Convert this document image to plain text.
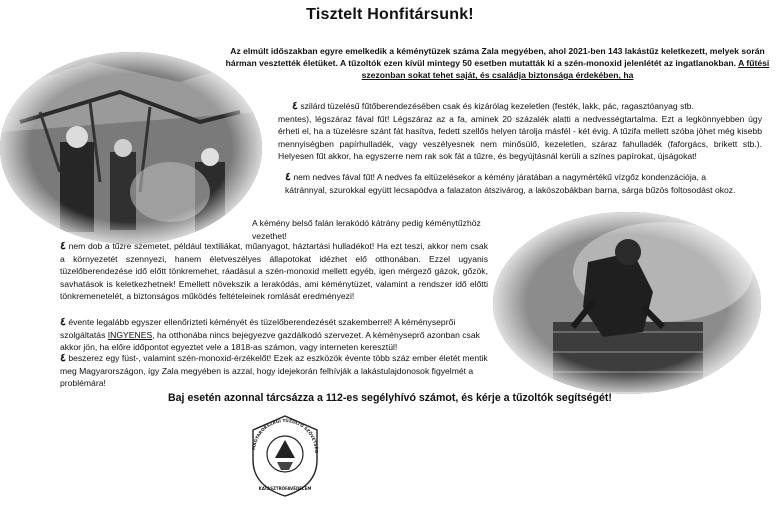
Tisztelt Honfitársunk!
Az elmúlt időszakban egyre emelkedik a kéménytüzek száma Zala megyében, ahol 2021-ben 143 lakástűz keletkezett, melyek során hárman vesztették életüket. A tűzoltók ezen kívül mintegy 50 esetben mutatták ki a szén-monoxid jelenlétét az ingatlanokban. A fűtési szezonban sokat tehet saját, és családja biztonsága érdekében, ha
٤ szilárd tüzelésű fűtőberendezésében csak és kizárólag kezeletlen (festék, lakk, pác, ragasztóanyag stb.
mentes), légszáraz fával fűt! Légszáraz az a fa, aminek 20 százalék alatti a nedvességtartalma. Ezt a legkönnyebben úgy érheti el, ha a tüzelésre szánt fát hasítva, fedett szellős helyen tárolja másfél - két évig. A tűzifa mellett szóba jöhet még kisebb mennyiségben papírhulladék, vagy veszélyesnek nem minősülő, kezeletlen, száraz fahulladék (faforgács, brikett stb.). Helyesen fűt akkor, ha egyszerre nem rak sok fát a tűzre, és begyújtásnál kerüli a színes papírokat, újságokat!
٤ nem nedves fával fűt! A nedves fa eltüzelésekor a kémény járatában a nagymértékű vízgőz kondenzációja, a kátránnyal, szurokkal együtt lecsapódva a falazaton átszivárog, a lakószobákban barna, sárga bűzös foltosodást okoz.
A kémény belső falán lerakódó kátrány pedig kéménytűzhöz vezethet!
٤ nem dob a tűzre szemetet, például textiliákat, műanyagot, háztartási hulladékot! Ha ezt teszi, akkor nem csak a környezetét szennyezi, hanem életveszélyes állapotokat idézhet elő otthonában. Ezzel ugyanis tüzelőberendezése idő előtt tönkremehet, ráadásul a szén-monoxid mellett egyéb, igen mérgező gázok, gőzök, savhatások is keletkezhetnek! Emellett növekszik a lerakódás, ami kéménytüzet, valamint a rendszer idő előtti tönkremenetelét, a biztonságos működés feltételeinek romlását eredményezi!
٤ évente legalább egyszer ellenőrizteti kéményét és tüzelőberendezését szakemberrel! A kéményseprői szolgáltatás INGYENES, ha otthonába nincs bejegyezve gazdálkodó szervezet. A kéményseprő azonban csak akkor jön, ha előre időpontot egyeztet vele a 1818-as számon, vagy interneten keresztül!
٤ beszerez egy füst-, valamint szén-monoxid-érzékelőt! Ezek az eszközök évente több száz ember életét mentik meg Magyarországon, így Zala megyében is azzal, hogy idejekorán felhívják a lakástulajdonosok figyelmét a problémára!
Baj esetén azonnal tárcsázza a 112-es segélyhívó számot, és kérje a tűzoltók segítségét!
MAGYARORSZÁGI TŰZOLTÓ SZÖVETSÉG
KATASZTRÓFAVÉDELEM
